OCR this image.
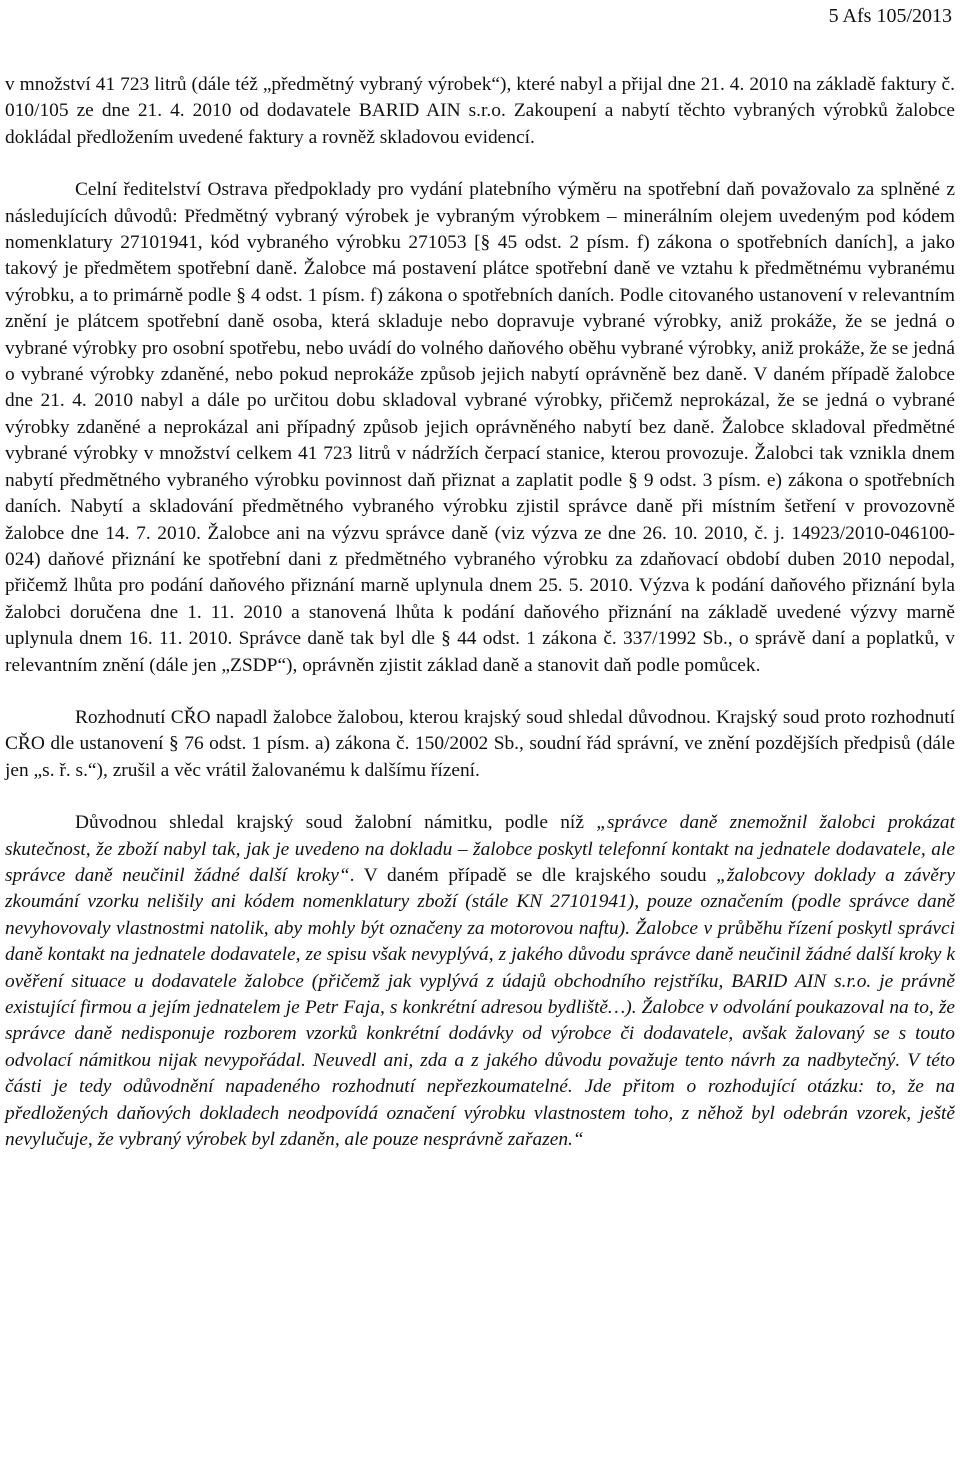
5 Afs 105/2013

v množství 41 723 litrů (dále též „předmětný vybraný výrobek“), které nabyl a přijal dne 21. 4. 2010 na základě faktury č. 010/105 ze dne 21. 4. 2010 od dodavatele BARID AIN s.r.o. Zakoupení a nabytí těchto vybraných výrobků žalobce dokládal předložením uvedené faktury a rovněž skladovou evidencí.

Celní ředitelství Ostrava předpoklady pro vydání platebního výměru na spotřební daň považovalo za splněné z následujících důvodů: Předmětný vybraný výrobek je vybraným výrobkem – minerálním olejem uvedeným pod kódem nomenklatury 27101941, kód vybraného výrobku 271053 [§ 45 odst. 2 písm. f) zákona o spotřebních daních], a jako takový je předmětem spotřební daně. Žalobce má postavení plátce spotřební daně ve vztahu k předmětnému vybranému výrobku, a to primárně podle § 4 odst. 1 písm. f) zákona o spotřebních daních. Podle citovaného ustanovení v relevantním znění je plátcem spotřební daně osoba, která skladuje nebo dopravuje vybrané výrobky, aniž prokáže, že se jedná o vybrané výrobky pro osobní spotřebu, nebo uvádí do volného daňového oběhu vybrané výrobky, aniž prokáže, že se jedná o vybrané výrobky zdaněné, nebo pokud neprokáže způsob jejich nabytí oprávněně bez daně. V daném případě žalobce dne 21. 4. 2010 nabyl a dále po určitou dobu skladoval vybrané výrobky, přičemž neprokázal, že se jedná o vybrané výrobky zdaněné a neprokázal ani případný způsob jejich oprávněného nabytí bez daně. Žalobce skladoval předmětné vybrané výrobky v množství celkem 41 723 litrů v nádržích čerpací stanice, kterou provozuje. Žalobci tak vznikla dnem nabytí předmětného vybraného výrobku povinnost daň přiznat a zaplatit podle § 9 odst. 3 písm. e) zákona o spotřebních daních. Nabytí a skladování předmětného vybraného výrobku zjistil správce daně při místním šetření v provozovně žalobce dne 14. 7. 2010. Žalobce ani na výzvu správce daně (viz výzva ze dne 26. 10. 2010, č. j. 14923/2010-046100-024) daňové přiznání ke spotřební dani z předmětného vybraného výrobku za zdaňovací období duben 2010 nepodal, přičemž lhůta pro podání daňového přiznání marně uplynula dnem 25. 5. 2010. Výzva k podání daňového přiznání byla žalobci doručena dne 1. 11. 2010 a stanovená lhůta k podání daňového přiznání na základě uvedené výzvy marně uplynula dnem 16. 11. 2010. Správce daně tak byl dle § 44 odst. 1 zákona č. 337/1992 Sb., o správě daní a poplatků, v relevantním znění (dále jen „ZSDP“), oprávněn zjistit základ daně a stanovit daň podle pomůcek.

Rozhodnutí CŘO napadl žalobce žalobou, kterou krajský soud shledal důvodnou. Krajský soud proto rozhodnutí CŘO dle ustanovení § 76 odst. 1 písm. a) zákona č. 150/2002 Sb., soudní řád správní, ve znění pozdějších předpisů (dále jen „s. ř. s.“), zrušil a věc vrátil žalovanému k dalšímu řízení.

Důvodnou shledal krajský soud žalobní námitku, podle níž „správce daně znemožnil žalobci prokázat skutečnost, že zboží nabyl tak, jak je uvedeno na dokladu – žalobce poskytl telefonní kontakt na jednatele dodavatele, ale správce daně neučinil žádné další kroky“. V daném případě se dle krajského soudu „žalobcovy doklady a závěry zkoumání vzorku nelišily ani kódem nomenklatury zboží (stále KN 27101941), pouze označením (podle správce daně nevyhovovaly vlastnostmi natolik, aby mohly být označeny za motorovou naftu). Žalobce v průběhu řízení poskytl správci daně kontakt na jednatele dodavatele, ze spisu však nevyplývá, z jakého důvodu správce daně neučinil žádné další kroky k ověření situace u dodavatele žalobce (přičemž jak vyplývá z údajů obchodního rejstříku, BARID AIN s.r.o. je právně existující firmou a jejím jednatelem je Petr Faja, s konkrétní adresou bydliště…). Žalobce v odvolání poukazoval na to, že správce daně nedisponuje rozborem vzorků konkrétní dodávky od výrobce či dodavatele, avšak žalovaný se s touto odvolací námitkou nijak nevypořádal. Neuvedl ani, zda a z jakého důvodu považuje tento návrh za nadbytečný. V této části je tedy odůvodnění napadeného rozhodnutí nepřezkoumatelné. Jde přitom o rozhodující otázku: to, že na předložených daňových dokladech neodpovídá označení výrobku vlastnostem toho, z něhož byl odebrán vzorek, ještě nevylučuje, že vybraný výrobek byl zdaněn, ale pouze nesprávně zařazen.“
